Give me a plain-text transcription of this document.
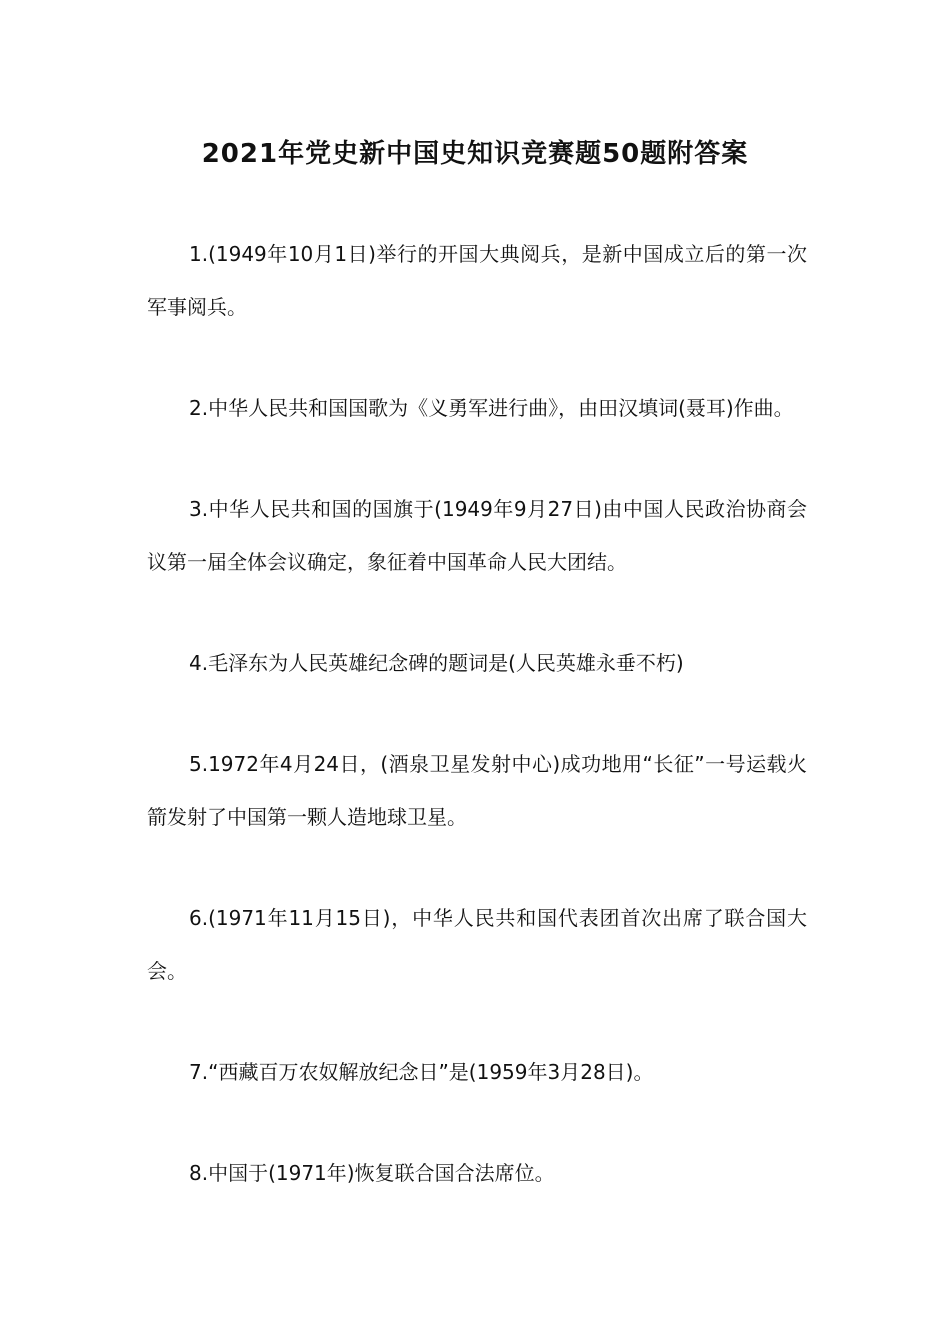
2021年党史新中国史知识竞赛题50题附答案

1.(1949年10月1日)举行的开国大典阅兵，是新中国成立后的第一次军事阅兵。

2.中华人民共和国国歌为《义勇军进行曲》，由田汉填词(聂耳)作曲。

3.中华人民共和国的国旗于(1949年9月27日)由中国人民政治协商会议第一届全体会议确定，象征着中国革命人民大团结。

4.毛泽东为人民英雄纪念碑的题词是(人民英雄永垂不朽)

5.1972年4月24日，(酒泉卫星发射中心)成功地用“长征”一号运载火箭发射了中国第一颗人造地球卫星。

6.(1971年11月15日)，中华人民共和国代表团首次出席了联合国大会。

7.“西藏百万农奴解放纪念日”是(1959年3月28日)。

8.中国于(1971年)恢复联合国合法席位。
